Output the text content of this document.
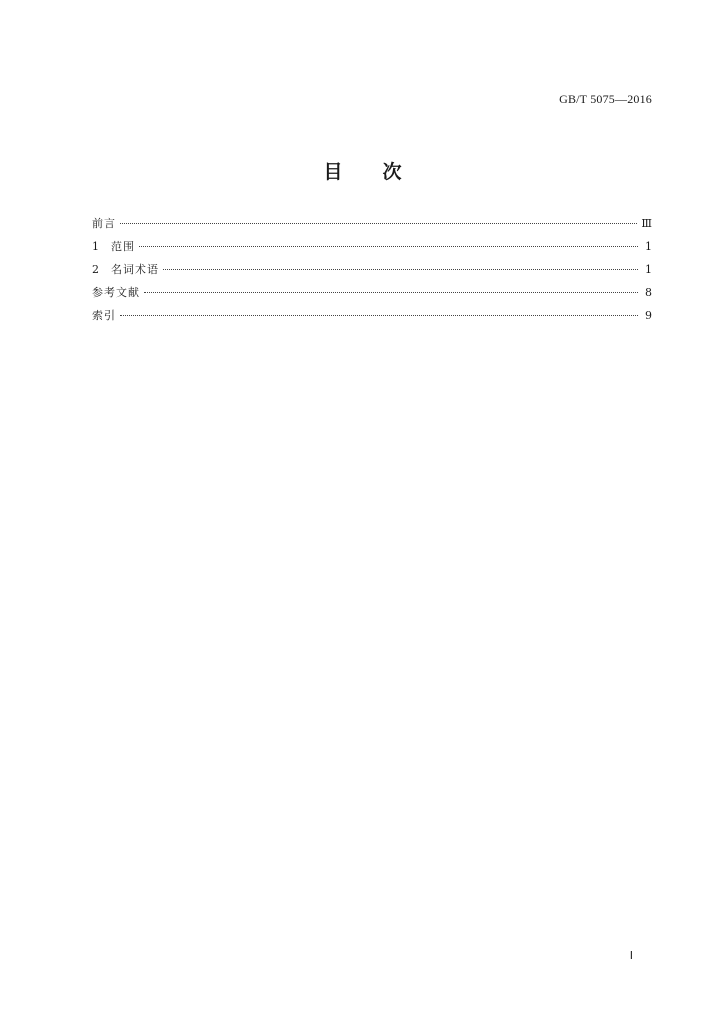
GB/T 5075—2016
目 次
前言	Ⅲ
1 范围	1
2 名词术语	1
参考文献	8
索引	9
Ⅰ
